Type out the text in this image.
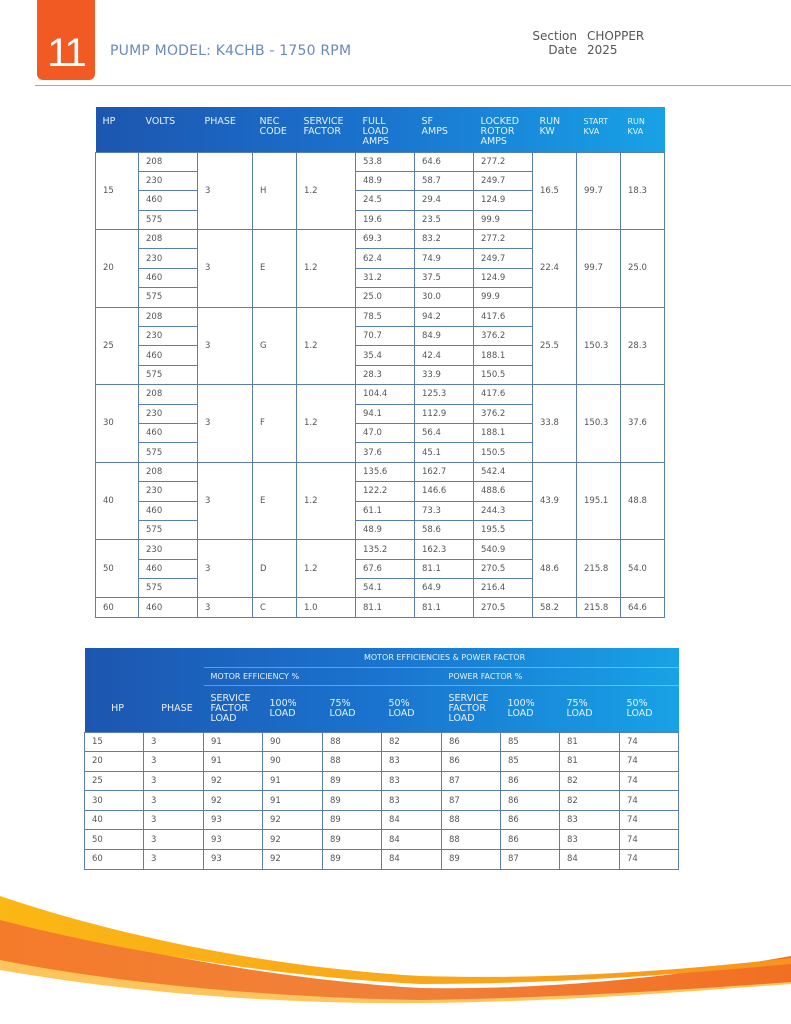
11 PUMP MODEL: K4CHB - 1750 RPM
Section CHOPPER
Date 2025
HP	VOLTS	PHASE	NEC CODE	SERVICE FACTOR	FULL LOAD AMPS	SF AMPS	LOCKED ROTOR AMPS	RUN KW	START KVA	RUN KVA
15	208	3	H	1.2	53.8	64.6	277.2	16.5	99.7	18.3
	230				48.9	58.7	249.7			
	460				24.5	29.4	124.9			
	575				19.6	23.5	99.9			
20	208	3	E	1.2	69.3	83.2	277.2	22.4	99.7	25.0
	230				62.4	74.9	249.7			
	460				31.2	37.5	124.9			
	575				25.0	30.0	99.9			
25	208	3	G	1.2	78.5	94.2	417.6	25.5	150.3	28.3
	230				70.7	84.9	376.2			
	460				35.4	42.4	188.1			
	575				28.3	33.9	150.5			
30	208	3	F	1.2	104.4	125.3	417.6	33.8	150.3	37.6
	230				94.1	112.9	376.2			
	460				47.0	56.4	188.1			
	575				37.6	45.1	150.5			
40	208	3	E	1.2	135.6	162.7	542.4	43.9	195.1	48.8
	230				122.2	146.6	488.6			
	460				61.1	73.3	244.3			
	575				48.9	58.6	195.5			
50	230	3	D	1.2	135.2	162.3	540.9	48.6	215.8	54.0
	460				67.6	81.1	270.5			
	575				54.1	64.9	216.4			
60	460	3	C	1.0	81.1	81.1	270.5	58.2	215.8	64.6
HP	PHASE	MOTOR EFFICIENCIES & POWER FACTOR							
		MOTOR EFFICIENCY %				POWER FACTOR %			
		SERVICE FACTOR LOAD	100% LOAD	75% LOAD	50% LOAD	SERVICE FACTOR LOAD	100% LOAD	75% LOAD	50% LOAD
15	3	91	90	88	82	86	85	81	74
20	3	91	90	88	83	86	85	81	74
25	3	92	91	89	83	87	86	82	74
30	3	92	91	89	83	87	86	82	74
40	3	93	92	89	84	88	86	83	74
50	3	93	92	89	84	88	86	83	74
60	3	93	92	89	84	89	87	84	74
